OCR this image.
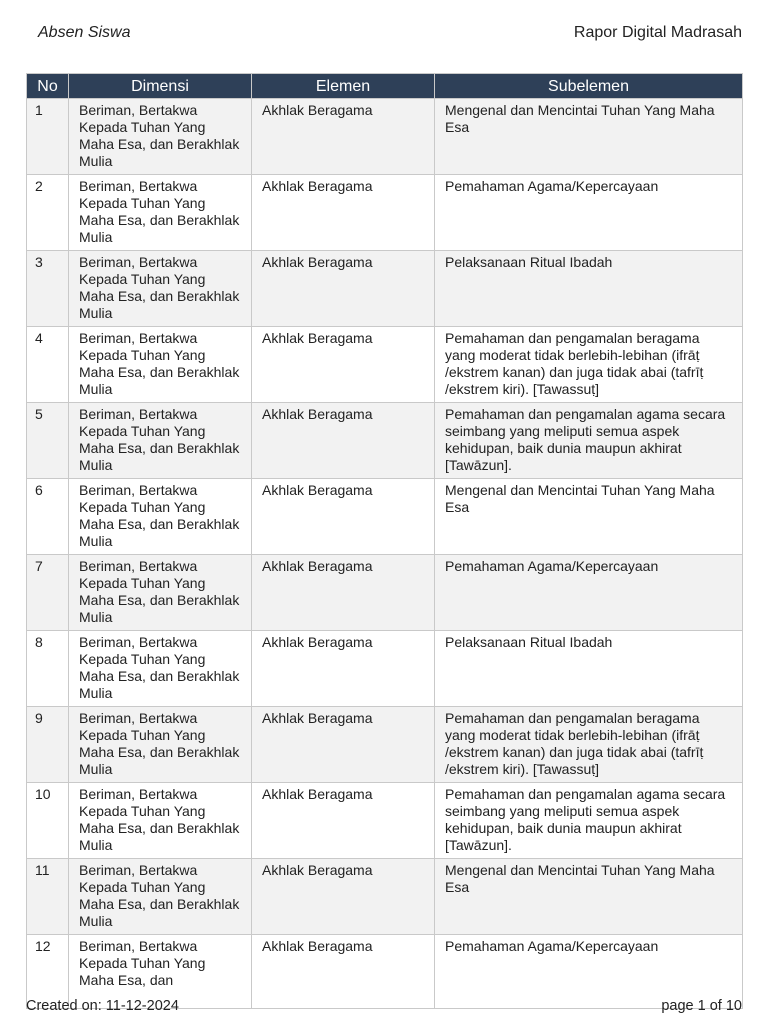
Absen Siswa	Rapor Digital Madrasah
No	Dimensi	Elemen	Subelemen
1	Beriman, Bertakwa Kepada Tuhan Yang Maha Esa, dan Berakhlak Mulia	Akhlak Beragama	Mengenal dan Mencintai Tuhan Yang Maha Esa
2	Beriman, Bertakwa Kepada Tuhan Yang Maha Esa, dan Berakhlak Mulia	Akhlak Beragama	Pemahaman Agama/Kepercayaan
3	Beriman, Bertakwa Kepada Tuhan Yang Maha Esa, dan Berakhlak Mulia	Akhlak Beragama	Pelaksanaan Ritual Ibadah
4	Beriman, Bertakwa Kepada Tuhan Yang Maha Esa, dan Berakhlak Mulia	Akhlak Beragama	Pemahaman dan pengamalan beragama yang moderat tidak berlebih-lebihan (ifrāṭ /ekstrem kanan) dan juga tidak abai (tafrīṭ /ekstrem kiri). [Tawassuṭ]
5	Beriman, Bertakwa Kepada Tuhan Yang Maha Esa, dan Berakhlak Mulia	Akhlak Beragama	Pemahaman dan pengamalan agama secara seimbang yang meliputi semua aspek kehidupan, baik dunia maupun akhirat [Tawāzun].
6	Beriman, Bertakwa Kepada Tuhan Yang Maha Esa, dan Berakhlak Mulia	Akhlak Beragama	Mengenal dan Mencintai Tuhan Yang Maha Esa
7	Beriman, Bertakwa Kepada Tuhan Yang Maha Esa, dan Berakhlak Mulia	Akhlak Beragama	Pemahaman Agama/Kepercayaan
8	Beriman, Bertakwa Kepada Tuhan Yang Maha Esa, dan Berakhlak Mulia	Akhlak Beragama	Pelaksanaan Ritual Ibadah
9	Beriman, Bertakwa Kepada Tuhan Yang Maha Esa, dan Berakhlak Mulia	Akhlak Beragama	Pemahaman dan pengamalan beragama yang moderat tidak berlebih-lebihan (ifrāṭ /ekstrem kanan) dan juga tidak abai (tafrīṭ /ekstrem kiri). [Tawassuṭ]
10	Beriman, Bertakwa Kepada Tuhan Yang Maha Esa, dan Berakhlak Mulia	Akhlak Beragama	Pemahaman dan pengamalan agama secara seimbang yang meliputi semua aspek kehidupan, baik dunia maupun akhirat [Tawāzun].
11	Beriman, Bertakwa Kepada Tuhan Yang Maha Esa, dan Berakhlak Mulia	Akhlak Beragama	Mengenal dan Mencintai Tuhan Yang Maha Esa
12	Beriman, Bertakwa Kepada Tuhan Yang Maha Esa, dan	Akhlak Beragama	Pemahaman Agama/Kepercayaan
Created on: 11-12-2024	page 1 of 10
